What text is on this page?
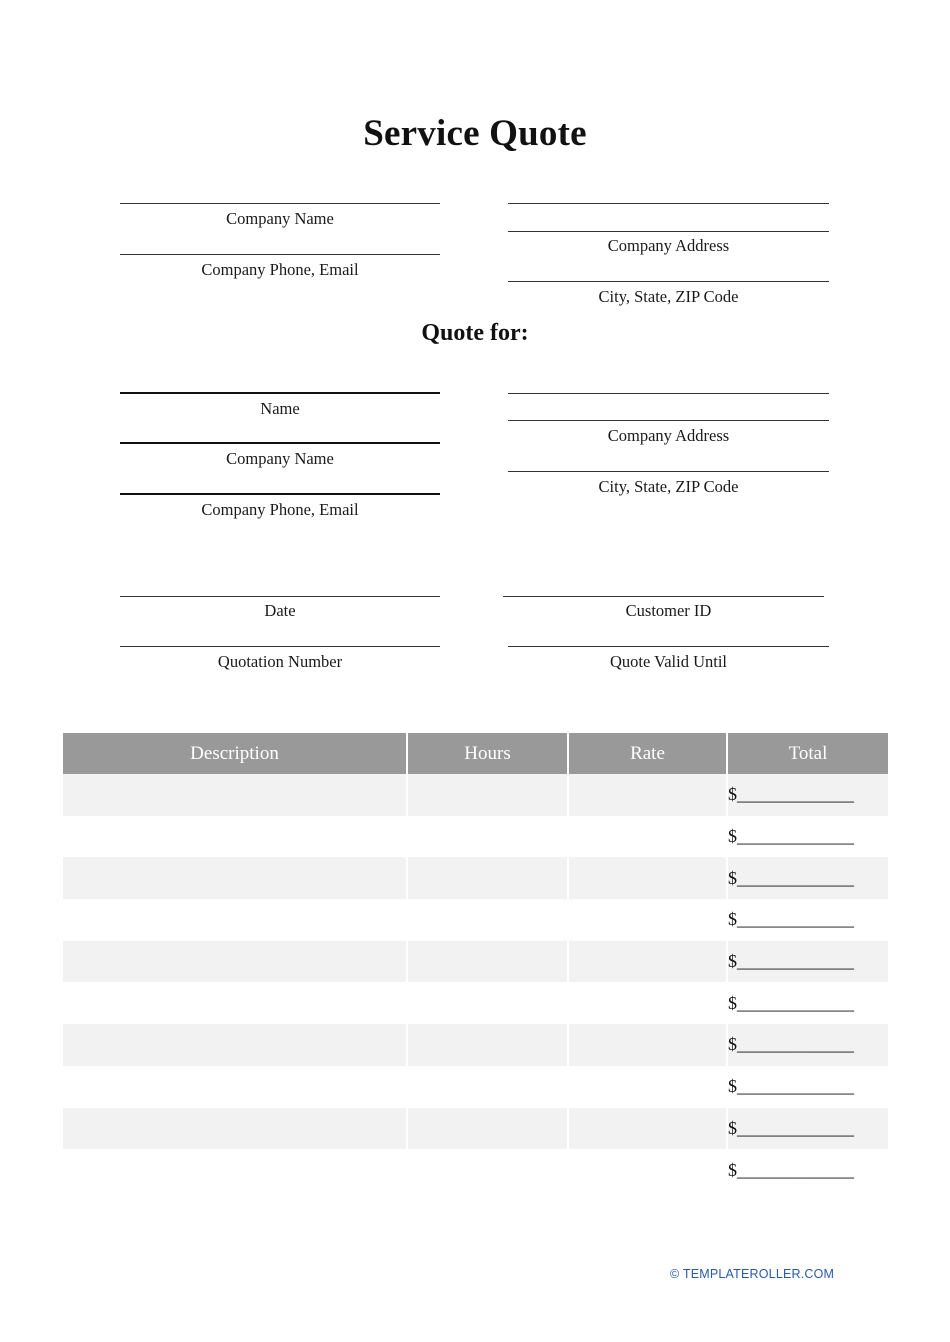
Service Quote
Company Name
Company Phone, Email
Company Address
City, State, ZIP Code
Quote for:
Name
Company Name
Company Phone, Email
Company Address
City, State, ZIP Code
Date
Quotation Number
Customer ID
Quote Valid Until
Description	Hours	Rate	Total
			$_____________
			$_____________
			$_____________
			$_____________
			$_____________
			$_____________
			$_____________
			$_____________
			$_____________
			$_____________
© TEMPLATEROLLER.COM
